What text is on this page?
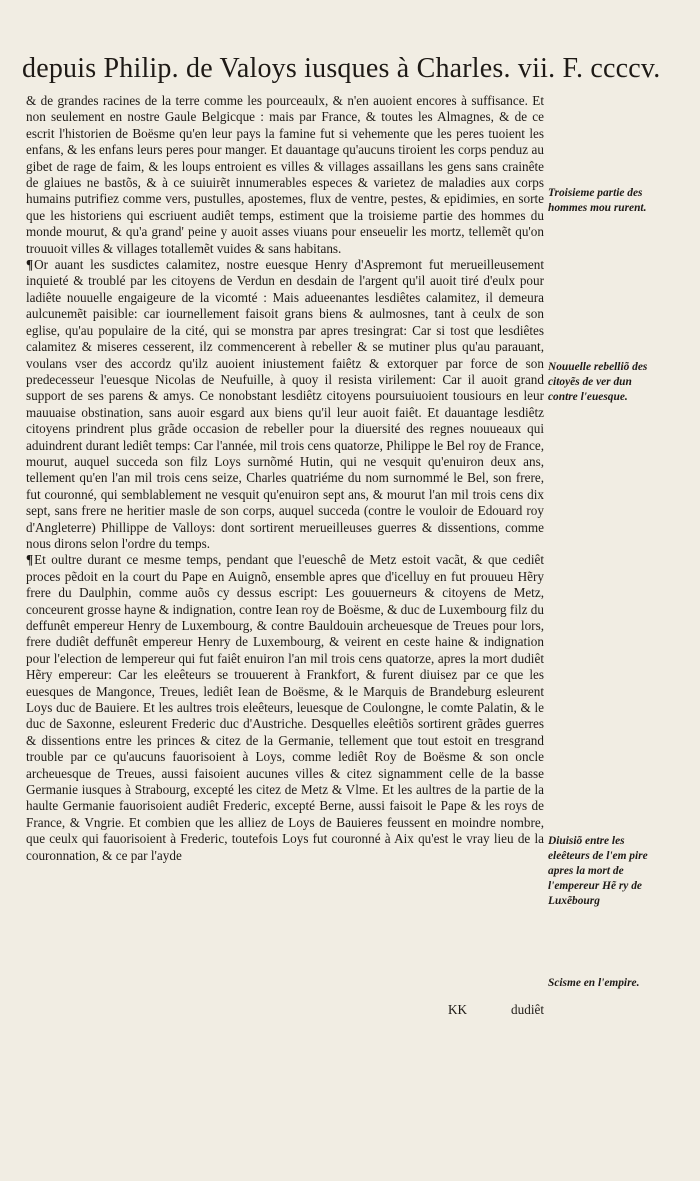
depuis Philip. de Valoys iusques à Charles. vii. F. ccccv.

& de grandes racines de la terre comme les pourceaulx, & n'en auoient encores à suffisance. Et non seulement en nostre Gaule Belgicque : mais par France, & toutes les Almagnes, & de ce escrit l'historien de Boësme qu'en leur pays la famine fut si vehemente que les peres tuoient les enfans, & les enfans leurs peres pour manger. Et dauantage qu'aucuns tiroient les corps penduz au gibet de rage de faim, & les loups entroient es villes & villages assaillans les gens sans crainête de glaiues ne bastõs, & à ce suiuirẽt innumerables especes & varietez de maladies aux corps humains putrifiez comme vers, pustulles, apostemes, flux de ventre, pestes, & epidimies, en sorte que les historiens qui escriuent audiêt temps, estiment que la troisieme partie des hommes du monde mourut, & qu'a grand' peine y auoit asses viuans pour enseuelir les mortz, tellemẽt qu'on trouuoit villes & villages totallemẽt vuides & sans habitans.

¶Or auant les susdictes calamitez, nostre euesque Henry d'Aspremont fut merueilleusement inquieté & troublé par les citoyens de Verdun en desdain de l'argent qu'il auoit tiré d'eulx pour ladiête nouuelle engaigeure de la vicomté : Mais adueenantes lesdiêtes calamitez, il demeura aulcunemẽt paisible: car iournellement faisoit grans biens & aulmosnes, tant à ceulx de son eglise, qu'au populaire de la cité, qui se monstra par apres tresingrat: Car si tost que lesdiêtes calamitez & miseres cesserent, ilz commencerent à rebeller & se mutiner plus qu'au parauant, voulans vser des accordz qu'ilz auoient iniustement faiêtz & extorquer par force de son predecesseur l'euesque Nicolas de Neufuille, à quoy il resista virilement: Car il auoit grand support de ses parens & amys. Ce nonobstant lesdiêtz citoyens poursuiuoient tousiours en leur mauuaise obstination, sans auoir esgard aux biens qu'il leur auoit faiêt. Et dauantage lesdiêtz citoyens prindrent plus grãde occasion de rebeller pour la diuersité des regnes nouueaux qui aduindrent durant lediêt temps: Car l'année, mil trois cens quatorze, Philippe le Bel roy de France, mourut, auquel succeda son filz Loys surnõmé Hutin, qui ne vesquit qu'enuiron deux ans, tellement qu'en l'an mil trois cens seize, Charles quatriéme du nom surnommé le Bel, son frere, fut couronné, qui semblablement ne vesquit qu'enuiron sept ans, & mourut l'an mil trois cens dix sept, sans frere ne heritier masle de son corps, auquel succeda (contre le vouloir de Edouard roy d'Angleterre) Phillippe de Valloys: dont sortirent merueilleuses guerres & dissentions, comme nous dirons selon l'ordre du temps.

¶Et oultre durant ce mesme temps, pendant que l'eueschê de Metz estoit vacãt, & que cediêt proces pẽdoit en la court du Pape en Auignõ, ensemble apres que d'icelluy en fut prouueu Hẽry frere du Daulphin, comme auõs cy dessus escript: Les gouuerneurs & citoyens de Metz, conceurent grosse hayne & indignation, contre Iean roy de Boësme, & duc de Luxembourg filz du deffunêt empereur Henry de Luxembourg, & contre Bauldouin archeuesque de Treues pour lors, frere dudiêt deffunêt empereur Henry de Luxembourg, & veirent en ceste haine & indignation pour l'election de lempereur qui fut faiêt enuiron l'an mil trois cens quatorze, apres la mort dudiêt Hẽry empereur: Car les eleêteurs se trouuerent à Frankfort, & furent diuisez par ce que les euesques de Mangonce, Treues, lediêt Iean de Boësme, & le Marquis de Brandeburg esleurent Loys duc de Bauiere. Et les aultres trois eleêteurs, leuesque de Coulongne, le comte Palatin, & le duc de Saxonne, esleurent Frederic duc d'Austriche. Desquelles eleêtiõs sortirent grãdes guerres & dissentions entre les princes & citez de la Germanie, tellement que tout estoit en tresgrand trouble par ce qu'aucuns fauorisoient à Loys, comme lediêt Roy de Boësme & son oncle archeuesque de Treues, aussi faisoient aucunes villes & citez signamment celle de la basse Germanie iusques à Strabourg, excepté les citez de Metz & Vlme. Et les aultres de la partie de la haulte Germanie fauorisoient audiêt Frederic, excepté Berne, aussi faisoit le Pape & les roys de France, & Vngrie. Et combien que les alliez de Loys de Bauieres feussent en moindre nombre, que ceulx qui fauorisoient à Frederic, toutefois Loys fut couronné à Aix qu'est le vray lieu de la couronnation, & ce par l'ayde

KK	dudiêt
Troisieme partie des hommes mou rurent.
Nouuelle rebelliõ des citoyẽs de ver dun contre l'euesque.
Diuisiõ entre les eleêteurs de l'em pire apres la mort de l'empereur Hẽ ry de Luxẽbourg
Scisme en l'empire.
